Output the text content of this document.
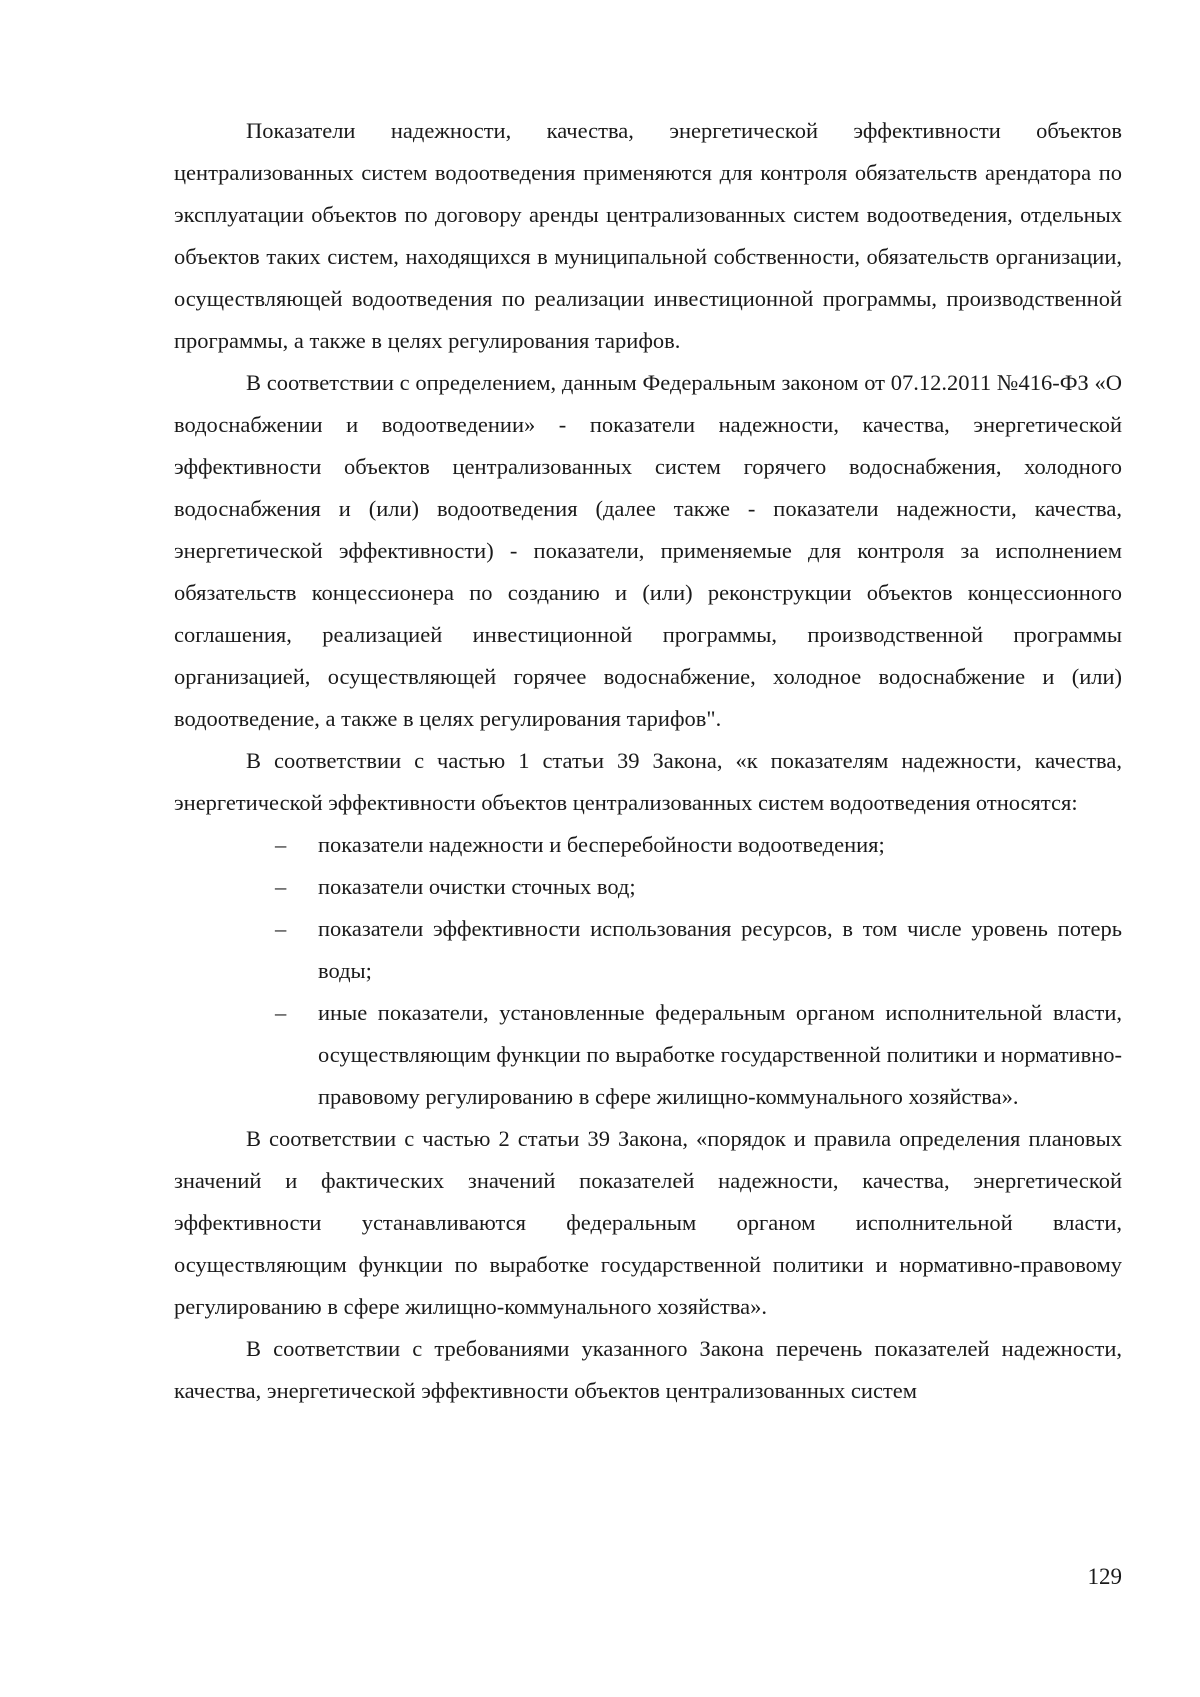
Показатели надежности, качества, энергетической эффективности объектов централизованных систем водоотведения применяются для контроля обязательств арендатора по эксплуатации объектов по договору аренды централизованных систем водоотведения, отдельных объектов таких систем, находящихся в муниципальной собственности, обязательств организации, осуществляющей водоотведения по реализации инвестиционной программы, производственной программы, а также в целях регулирования тарифов.

В соответствии с определением, данным Федеральным законом от 07.12.2011 №416-ФЗ «О водоснабжении и водоотведении» - показатели надежности, качества, энергетической эффективности объектов централизованных систем горячего водоснабжения, холодного водоснабжения и (или) водоотведения (далее также - показатели надежности, качества, энергетической эффективности) - показатели, применяемые для контроля за исполнением обязательств концессионера по созданию и (или) реконструкции объектов концессионного соглашения, реализацией инвестиционной программы, производственной программы организацией, осуществляющей горячее водоснабжение, холодное водоснабжение и (или) водоотведение, а также в целях регулирования тарифов".

В соответствии с частью 1 статьи 39 Закона, «к показателям надежности, качества, энергетической эффективности объектов централизованных систем водоотведения относятся:

– показатели надежности и бесперебойности водоотведения;
– показатели очистки сточных вод;
– показатели эффективности использования ресурсов, в том числе уровень потерь воды;
– иные показатели, установленные федеральным органом исполнительной власти, осуществляющим функции по выработке государственной политики и нормативно-правовому регулированию в сфере жилищно-коммунального хозяйства».

В соответствии с частью 2 статьи 39 Закона, «порядок и правила определения плановых значений и фактических значений показателей надежности, качества, энергетической эффективности устанавливаются федеральным органом исполнительной власти, осуществляющим функции по выработке государственной политики и нормативно-правовому регулированию в сфере жилищно-коммунального хозяйства».

В соответствии с требованиями указанного Закона перечень показателей надежности, качества, энергетической эффективности объектов централизованных систем

129
